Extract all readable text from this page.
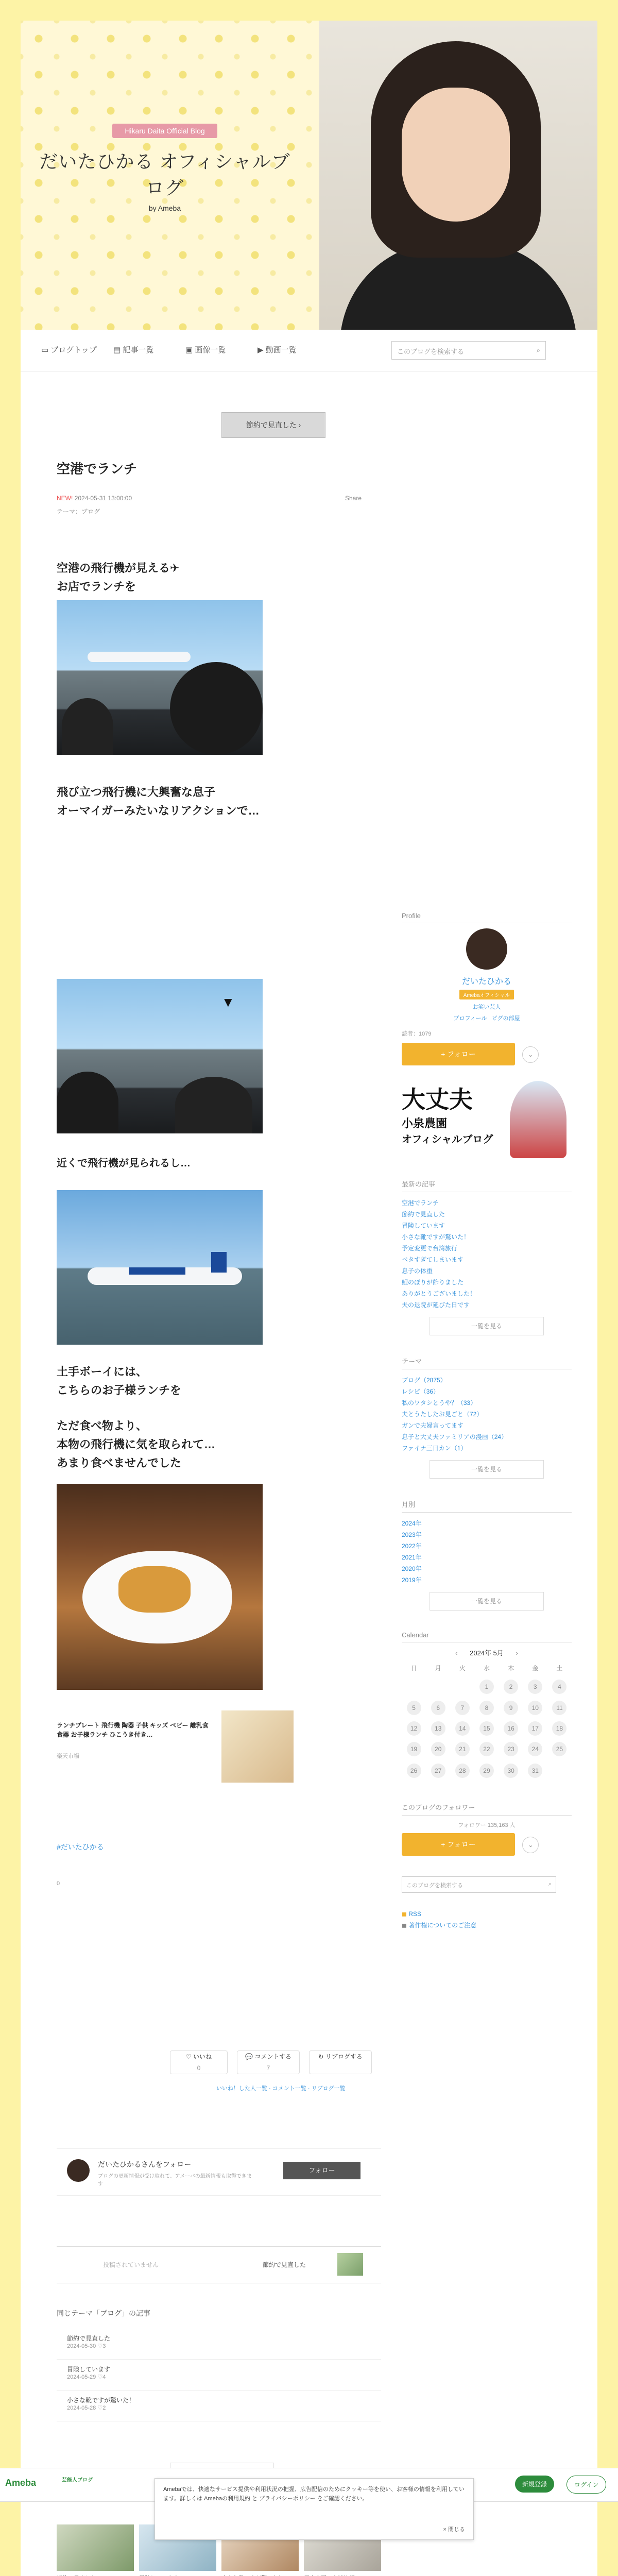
Hikaru Daita Official Blog
だいたひかる オフィシャルブログ
by Ameba
▭ ブログトップ ▤ 記事一覧	▣ 画像一覧	▶ 動画一覧	このブログを検索する	⌕
節約で見直した ›
空港でランチ
NEW! 2024-05-31 13:00:00
テーマ：ブログ
Share
空港の飛行機が見える✈
お店でランチを
飛び立つ飛行機に大興奮な息子
オーマイガーみたいなリアクションで…
▼
近くで飛行機が見られるし…
土手ボーイには、
こちらのお子様ランチを
ただ食べ物より、
本物の飛行機に気を取られて…
あまり食べませんでした
ランチプレート 飛行機 陶器 子供 キッズ ベビー 離乳食 食器 お子様ランチ ひこうき付き…
楽天市場
#だいたひかる
0
♡ いいね
0
💬 コメントする
7
↻ リブログする
いいね！した人一覧 · コメント一覧 · リブログ一覧
だいたひかるさんをフォロー
ブログの更新情報が受け取れて、アメーバの最新情報も取得できます
フォロー
投稿されていません	節約で見直した
同じテーマ「ブログ」の記事
節約で見直した
2024-05-30 ♡3
冒険しています
2024-05-29 ♡4
小さな靴ですが驚いた！
2024-05-28 ♡2
Profile
だいたひかる
Amebaオフィシャル
お笑い芸人
プロフィール ピグの部屋
読者：1079
+ フォロー	⌄
大丈夫
小泉農園
オフィシャルブログ
最新の記事
空港でランチ
節約で見直した
冒険しています
小さな靴ですが驚いた！
予定変更で台湾旅行
ベタすぎてしまいます
息子の体重
鯉のぼりが飾りました
ありがとうございました！
夫の退院が延びた日です
一覧を見る
テーマ
ブログ（2875）
レシピ（36）
私のワタシとうや？（33）
夫とうたしたお見ごと（72）
ガンで夫婦言ってます
息子と大丈夫ファミリアの漫画（24）
ファイナ三日カン（1）
一覧を見る
月別
2024年
2023年
2022年
2021年
2020年
2019年
一覧を見る
Calendar
‹ 2024年 5月 ›
日	月	火	水	木	金	土
			1	2	3	4
5	6	7	8	9	10	11
12	13	14	15	16	17	18
19	20	21	22	23	24	25
26	27	28	29	30	31	
このブログのフォロワー
フォロワー 135,163 人
+ フォロー	⌄
このブログを検索する	⌕
◼ RSS
◼ 著作権についてのご注意
Ameba	芸能人ブログ
新規登録	ログイン
Amebaでは、快適なサービス提供や利用状況の把握、広告配信のためにクッキー等を使い、お客様の情報を利用しています。詳しくは Amebaの利用規約 と プライバシーポリシー をご確認ください。
× 閉じる
